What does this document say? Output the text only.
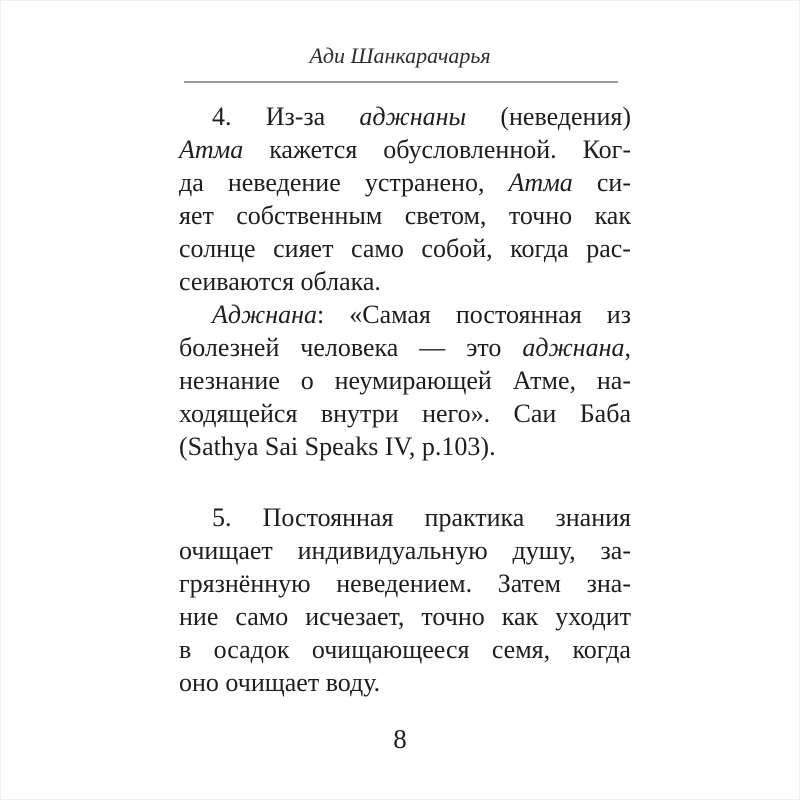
Ади Шанкарачарья

4. Из-за аджнаны (неведения)
Атма кажется обусловленной. Ког-
да неведение устранено, Атма си-
яет собственным светом, точно как
солнце сияет само собой, когда рас-
сеиваются облака.

Аджнана: «Самая постоянная из
болезней человека — это аджнана,
незнание о неумирающей Атме, на-
ходящейся внутри него». Саи Баба
(Sathya Sai Speaks IV, p.103).

5. Постоянная практика знания
очищает индивидуальную душу, за-
грязнённую неведением. Затем зна-
ние само исчезает, точно как уходит
в осадок очищающееся семя, когда
оно очищает воду.

8
